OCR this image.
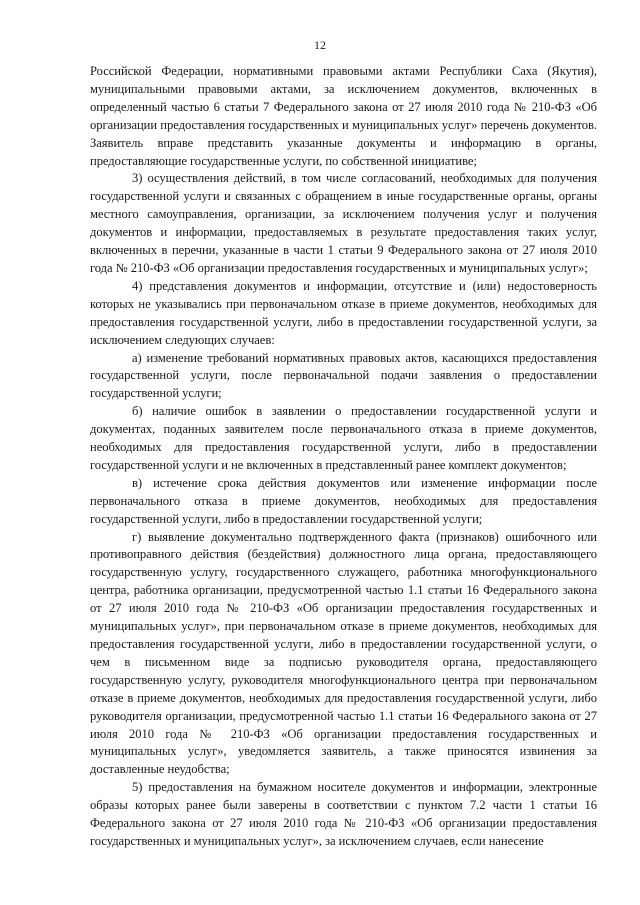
12

Российской Федерации, нормативными правовыми актами Республики Саха (Якутия), муниципальными правовыми актами, за исключением документов, включенных в определенный частью 6 статьи 7 Федерального закона от 27 июля 2010 года № 210-ФЗ «Об организации предоставления государственных и муниципальных услуг» перечень документов. Заявитель вправе представить указанные документы и информацию в органы, предоставляющие государственные услуги, по собственной инициативе;

3) осуществления действий, в том числе согласований, необходимых для получения государственной услуги и связанных с обращением в иные государственные органы, органы местного самоуправления, организации, за исключением получения услуг и получения документов и информации, предоставляемых в результате предоставления таких услуг, включенных в перечни, указанные в части 1 статьи 9 Федерального закона от 27 июля 2010 года № 210-ФЗ «Об организации предоставления государственных и муниципальных услуг»;

4) представления документов и информации, отсутствие и (или) недостоверность которых не указывались при первоначальном отказе в приеме документов, необходимых для предоставления государственной услуги, либо в предоставлении государственной услуги, за исключением следующих случаев:

а) изменение требований нормативных правовых актов, касающихся предоставления государственной услуги, после первоначальной подачи заявления о предоставлении государственной услуги;

б) наличие ошибок в заявлении о предоставлении государственной услуги и документах, поданных заявителем после первоначального отказа в приеме документов, необходимых для предоставления государственной услуги, либо в предоставлении государственной услуги и не включенных в представленный ранее комплект документов;

в) истечение срока действия документов или изменение информации после первоначального отказа в приеме документов, необходимых для предоставления государственной услуги, либо в предоставлении государственной услуги;

г) выявление документально подтвержденного факта (признаков) ошибочного или противоправного действия (бездействия) должностного лица органа, предоставляющего государственную услугу, государственного служащего, работника многофункционального центра, работника организации, предусмотренной частью 1.1 статьи 16 Федерального закона от 27 июля 2010 года № 210-ФЗ «Об организации предоставления государственных и муниципальных услуг», при первоначальном отказе в приеме документов, необходимых для предоставления государственной услуги, либо в предоставлении государственной услуги, о чем в письменном виде за подписью руководителя органа, предоставляющего государственную услугу, руководителя многофункционального центра при первоначальном отказе в приеме документов, необходимых для предоставления государственной услуги, либо руководителя организации, предусмотренной частью 1.1 статьи 16 Федерального закона от 27 июля 2010 года № 210-ФЗ «Об организации предоставления государственных и муниципальных услуг», уведомляется заявитель, а также приносятся извинения за доставленные неудобства;

5) предоставления на бумажном носителе документов и информации, электронные образы которых ранее были заверены в соответствии с пунктом 7.2 части 1 статьи 16 Федерального закона от 27 июля 2010 года № 210-ФЗ «Об организации предоставления государственных и муниципальных услуг», за исключением случаев, если нанесение
